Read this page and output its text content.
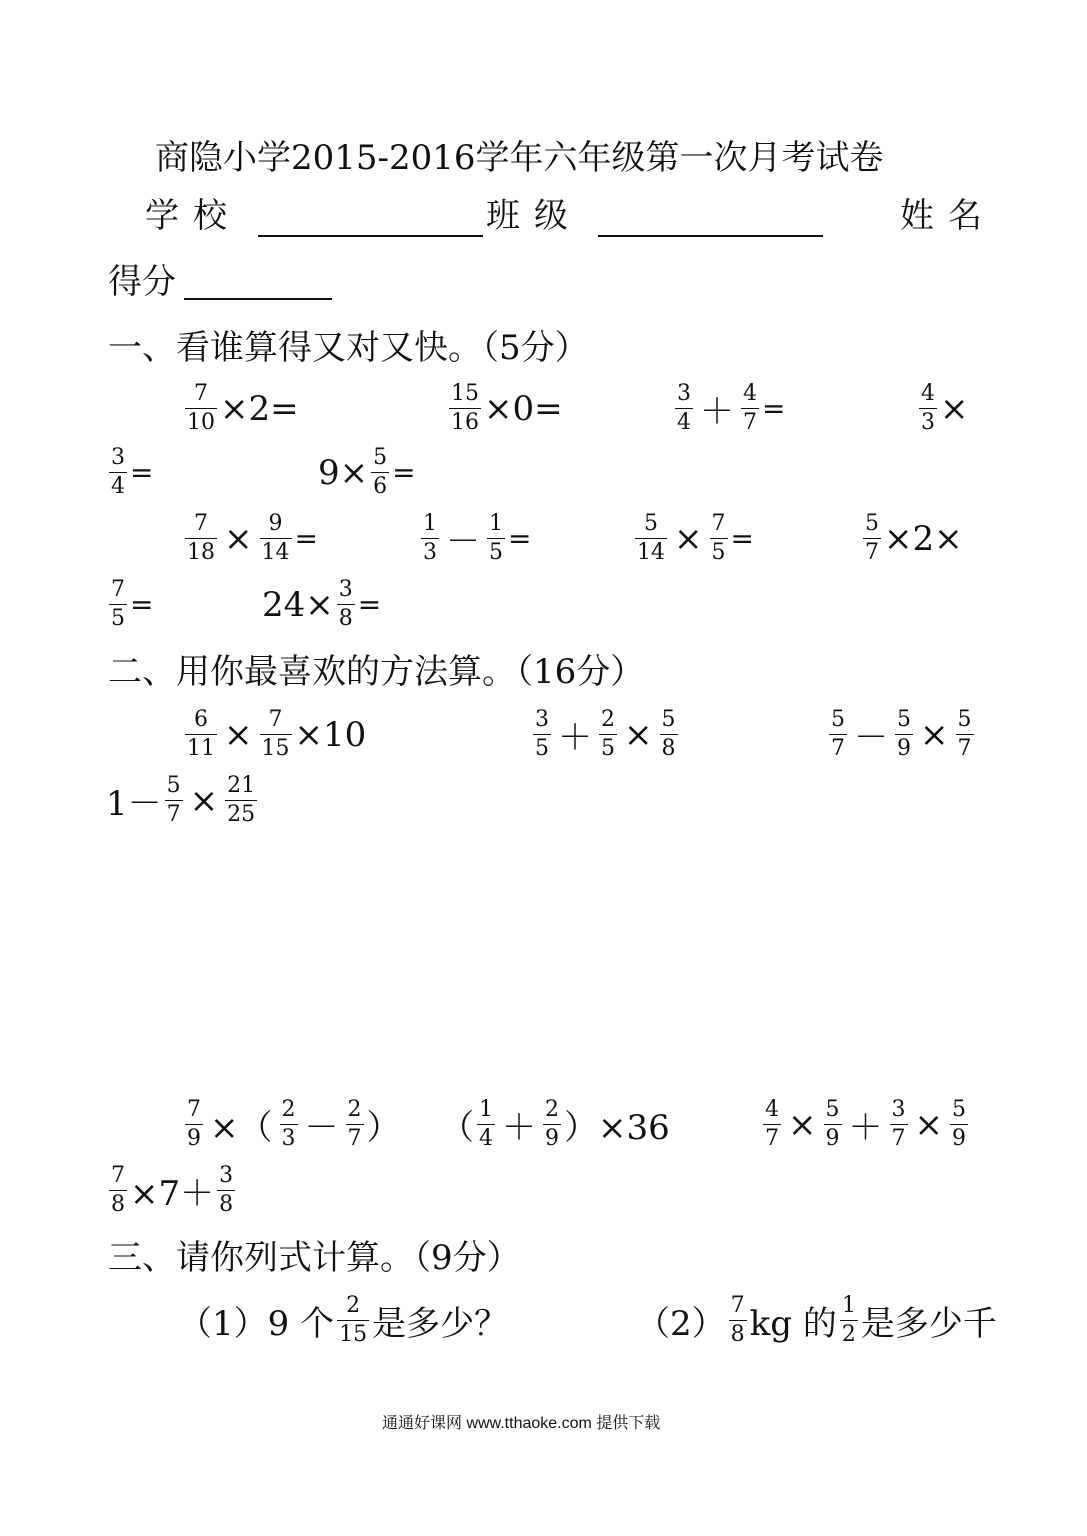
商隐小学2015-2016学年六年级第一次月考试卷
学校	班级	姓名
得分
一、看谁算得又对又快。（5分）
$\frac{7}{10} \times 2=$	$\frac{15}{16} \times 0=$	$\frac{3}{4} + \frac{4}{7}$ =	$\frac{4}{3}$ ×
$\frac{3}{4}$ =	$9\times \frac{5}{6}$ =
$\frac{7}{18} \times \frac{9}{14}$ =	$\frac{1}{3} - \frac{1}{5}$ =	$\frac{5}{14} \times \frac{7}{5}$ =	$\frac{5}{7} \times 2\times$
$\frac{7}{5}$ =	$24\times \frac{3}{8}$ =
二、用你最喜欢的方法算。（16分）
$\frac{6}{11} \times \frac{7}{15} \times 10$	$\frac{3}{5} + \frac{2}{5} \times \frac{5}{8}$	$\frac{5}{7} - \frac{5}{9} \times \frac{5}{7}$
$1- \frac{5}{7} \times \frac{21}{25}$
$\frac{7}{9}$ ×（ $\frac{2}{3} - \frac{2}{7}$ ） （ $\frac{1}{4} + \frac{2}{9} )\times 36$	$\frac{4}{7} \times \frac{5}{9} + \frac{3}{7} \times \frac{5}{9}$
$\frac{7}{8} \times 7+ \frac{3}{8}$
三、请你列式计算。（9分）
（1）9 个 $\frac{2}{15}$ 是多少？	$(2) \frac{7}{8}$ kg 的 $\frac{1}{2}$ 是多少千
通通好课网 www.tthaoke.com 提供下载
